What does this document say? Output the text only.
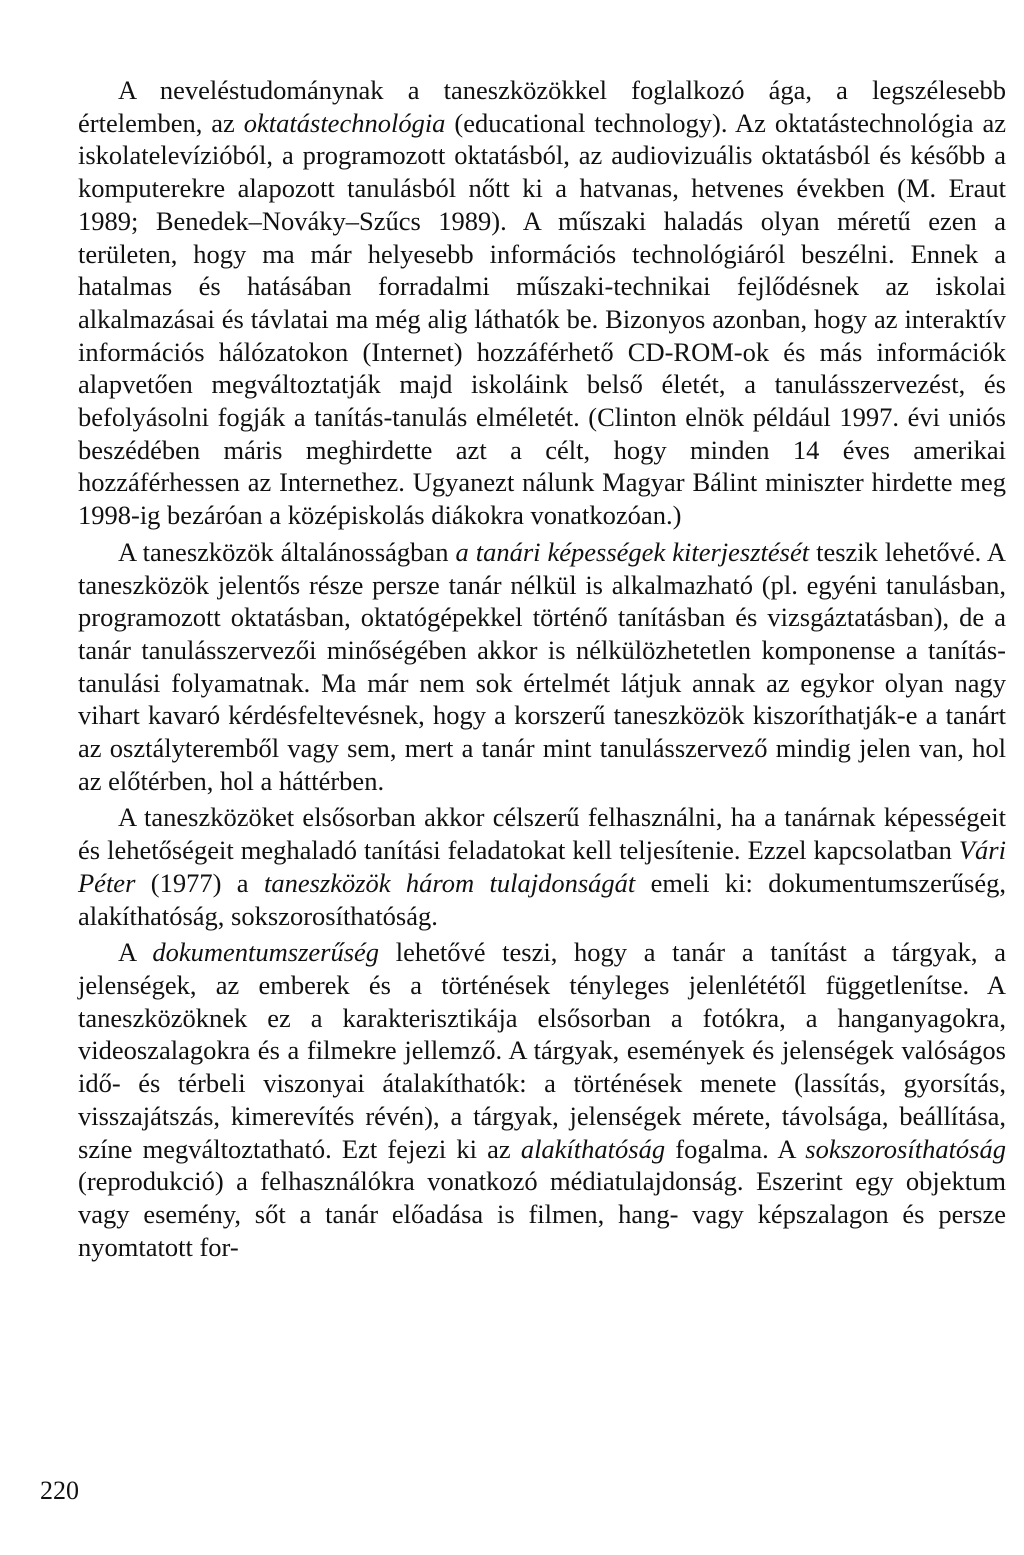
A neveléstudománynak a taneszközökkel foglalkozó ága, a legszélesebb értelemben, az oktatástechnológia (educational technology). Az oktatástechnológia az iskolatelevízióból, a programozott oktatásból, az audiovizuális oktatásból és később a komputerekre alapozott tanulásból nőtt ki a hatvanas, hetvenes években (M. Eraut 1989; Benedek–Nováky–Szűcs 1989). A műszaki haladás olyan méretű ezen a területen, hogy ma már helyesebb információs technológiáról beszélni. Ennek a hatalmas és hatásában forradalmi műszaki-technikai fejlődésnek az iskolai alkalmazásai és távlatai ma még alig láthatók be. Bizonyos azonban, hogy az interaktív információs hálózatokon (Internet) hozzáférhető CD-ROM-ok és más információk alapvetően megváltoztatják majd iskoláink belső életét, a tanulásszervezést, és befolyásolni fogják a tanítás-tanulás elméletét. (Clinton elnök például 1997. évi uniós beszédében máris meghirdette azt a célt, hogy minden 14 éves amerikai hozzáférhessen az Internethez. Ugyanezt nálunk Magyar Bálint miniszter hirdette meg 1998-ig bezáróan a középiskolás diákokra vonatkozóan.)

A taneszközök általánosságban a tanári képességek kiterjesztését teszik lehetővé. A taneszközök jelentős része persze tanár nélkül is alkalmazható (pl. egyéni tanulásban, programozott oktatásban, oktatógépekkel történő tanításban és vizsgáztatásban), de a tanár tanulásszervezői minőségében akkor is nélkülözhetetlen komponense a tanítás-tanulási folyamatnak. Ma már nem sok értelmét látjuk annak az egykor olyan nagy vihart kavaró kérdésfeltevésnek, hogy a korszerű taneszközök kiszoríthatják-e a tanárt az osztályteremből vagy sem, mert a tanár mint tanulásszervező mindig jelen van, hol az előtérben, hol a háttérben.

A taneszközöket elsősorban akkor célszerű felhasználni, ha a tanárnak képességeit és lehetőségeit meghaladó tanítási feladatokat kell teljesítenie. Ezzel kapcsolatban Vári Péter (1977) a taneszközök három tulajdonságát emeli ki: dokumentumszerűség, alakíthatóság, sokszorosíthatóság.

A dokumentumszerűség lehetővé teszi, hogy a tanár a tanítást a tárgyak, a jelenségek, az emberek és a történések tényleges jelenlététől függetlenítse. A taneszközöknek ez a karakterisztikája elsősorban a fotókra, a hanganyagokra, videoszalagokra és a filmekre jellemző. A tárgyak, események és jelenségek valóságos idő- és térbeli viszonyai átalakíthatók: a történések menete (lassítás, gyorsítás, visszajátszás, kimerevítés révén), a tárgyak, jelenségek mérete, távolsága, beállítása, színe megváltoztatható. Ezt fejezi ki az alakíthatóság fogalma. A sokszorosíthatóság (reprodukció) a felhasználókra vonatkozó médiatulajdonság. Eszerint egy objektum vagy esemény, sőt a tanár előadása is filmen, hang- vagy képszalagon és persze nyomtatott for-

220
